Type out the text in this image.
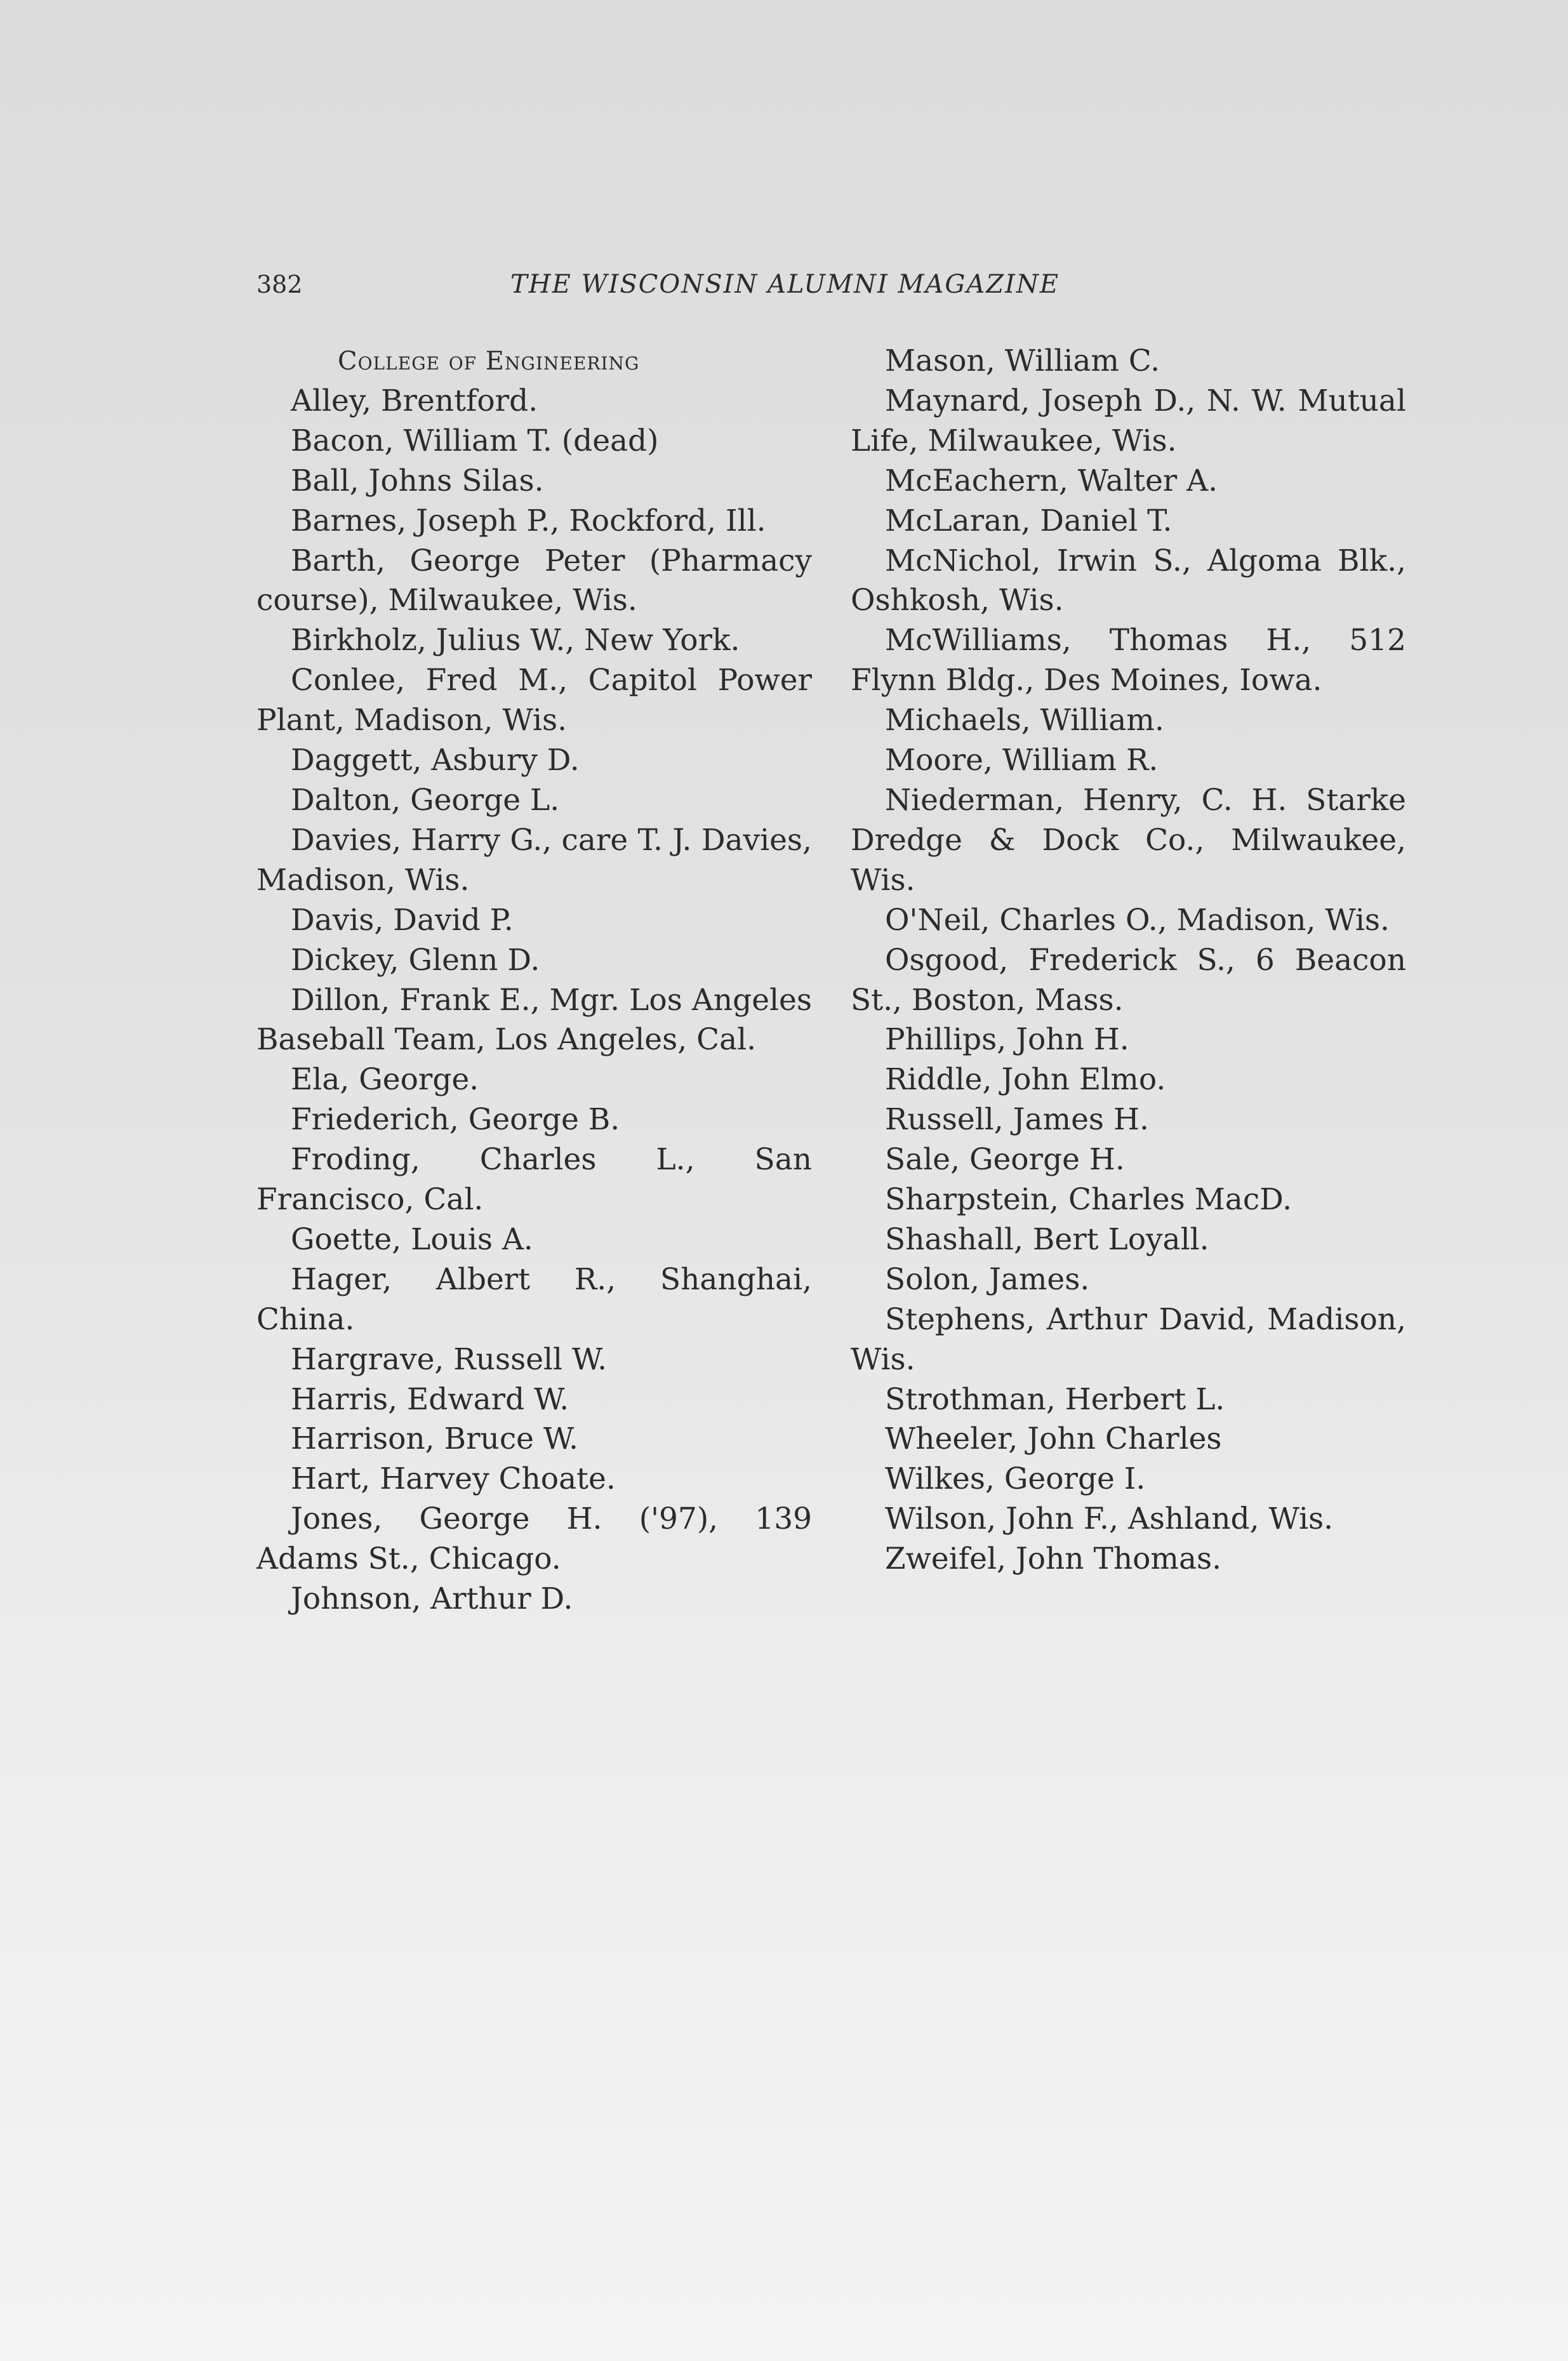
382	THE WISCONSIN ALUMNI MAGAZINE
College of Engineering
Alley, Brentford.
Bacon, William T. (dead)
Ball, Johns Silas.
Barnes, Joseph P., Rockford, Ill.
Barth, George Peter (Pharmacy course), Milwaukee, Wis.
Birkholz, Julius W., New York.
Conlee, Fred M., Capitol Power Plant, Madison, Wis.
Daggett, Asbury D.
Dalton, George L.
Davies, Harry G., care T. J. Davies, Madison, Wis.
Davis, David P.
Dickey, Glenn D.
Dillon, Frank E., Mgr. Los Angeles Baseball Team, Los Angeles, Cal.
Ela, George.
Friederich, George B.
Froding, Charles L., San Francisco, Cal.
Goette, Louis A.
Hager, Albert R., Shanghai, China.
Hargrave, Russell W.
Harris, Edward W.
Harrison, Bruce W.
Hart, Harvey Choate.
Jones, George H. ('97), 139 Adams St., Chicago.
Johnson, Arthur D.
Mason, William C.
Maynard, Joseph D., N. W. Mutual Life, Milwaukee, Wis.
McEachern, Walter A.
McLaran, Daniel T.
McNichol, Irwin S., Algoma Blk., Oshkosh, Wis.
McWilliams, Thomas H., 512 Flynn Bldg., Des Moines, Iowa.
Michaels, William.
Moore, William R.
Niederman, Henry, C. H. Starke Dredge & Dock Co., Milwaukee, Wis.
O'Neil, Charles O., Madison, Wis.
Osgood, Frederick S., 6 Beacon St., Boston, Mass.
Phillips, John H.
Riddle, John Elmo.
Russell, James H.
Sale, George H.
Sharpstein, Charles MacD.
Shashall, Bert Loyall.
Solon, James.
Stephens, Arthur David, Madison, Wis.
Strothman, Herbert L.
Wheeler, John Charles
Wilkes, George I.
Wilson, John F., Ashland, Wis.
Zweifel, John Thomas.
